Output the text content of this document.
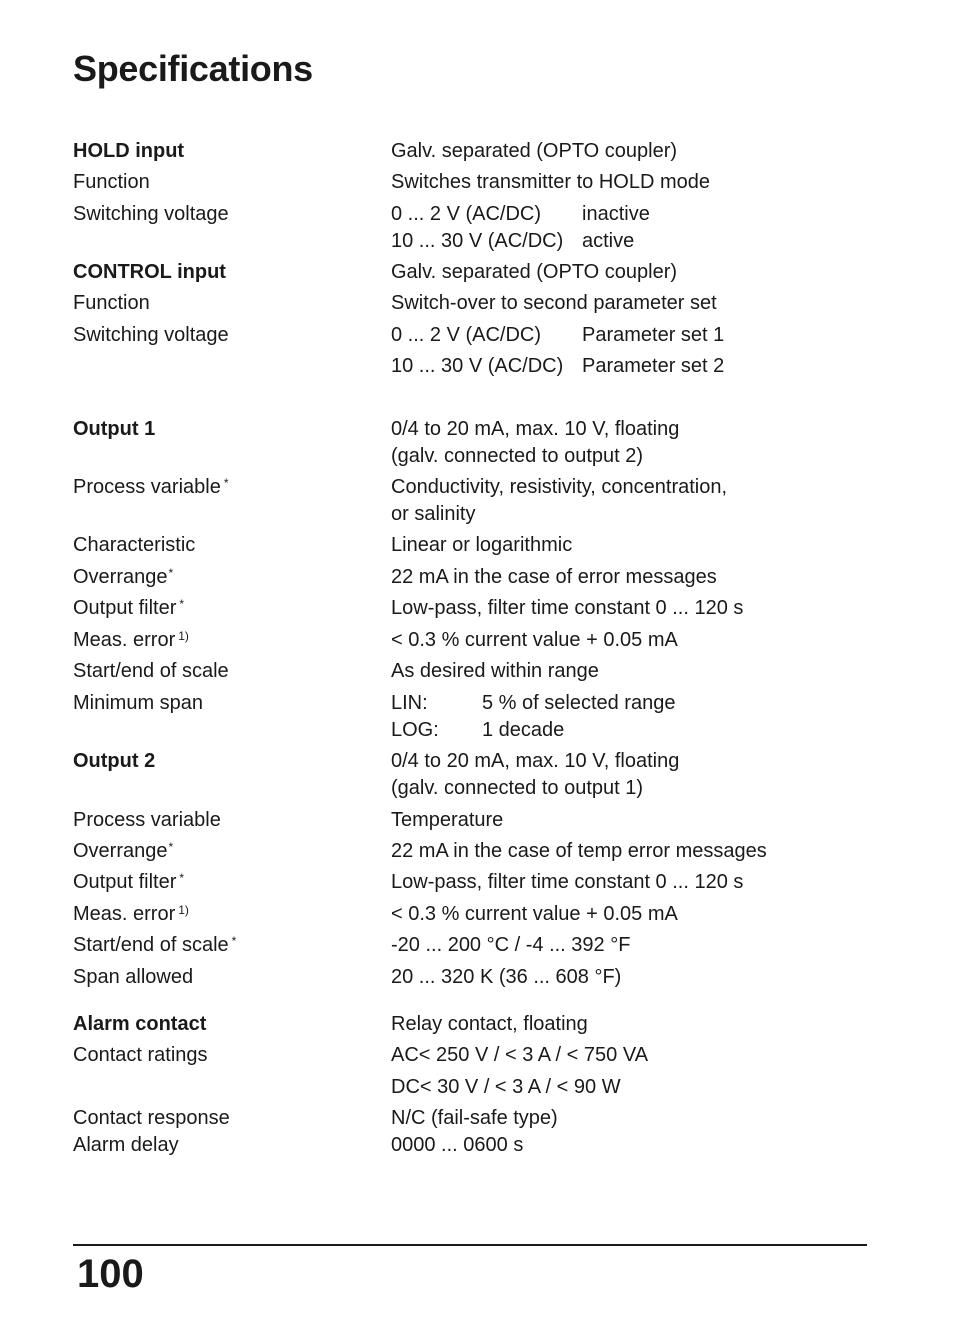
Specifications
HOLD input	Galv. separated (OPTO coupler)
Function	Switches transmitter to HOLD mode
Switching voltage	0 ... 2 V (AC/DC) inactive
10 ... 30 V (AC/DC) active
CONTROL input	Galv. separated (OPTO coupler)
Function	Switch-over to second parameter set
Switching voltage	0 ... 2 V (AC/DC) Parameter set 1
10 ... 30 V (AC/DC) Parameter set 2
Output 1	0/4 to 20 mA, max. 10 V, floating
(galv. connected to output 2)
Process variable *	Conductivity, resistivity, concentration,
or salinity
Characteristic	Linear or logarithmic
Overrange*	22 mA in the case of error messages
Output filter *	Low-pass, filter time constant 0 ... 120 s
Meas. error $^{1)}$	< 0.3 % current value + 0.05 mA
Start/end of scale	As desired within range
Minimum span	LIN:	5 % of selected range
LOG: 1 decade
Output 2	0/4 to 20 mA, max. 10 V, floating
(galv. connected to output 1)
Process variable	Temperature
Overrange*	22 mA in the case of temp error messages
Output filter *	Low-pass, filter time constant 0 ... 120 s
Meas. error $^{1)}$	< 0.3 % current value + 0.05 mA
Start/end of scale *	-20 ... 200 °C / -4 ... 392 °F
Span allowed	20 ... 320 K (36 ... 608 °F)
Alarm contact	Relay contact, floating
Contact ratings	AC< 250 V / < 3 A / < 750 VA
DC< 30 V / < 3 A / < 90 W
Contact response	N/C (fail-safe type)
Alarm delay	0000 ... 0600 s
100
